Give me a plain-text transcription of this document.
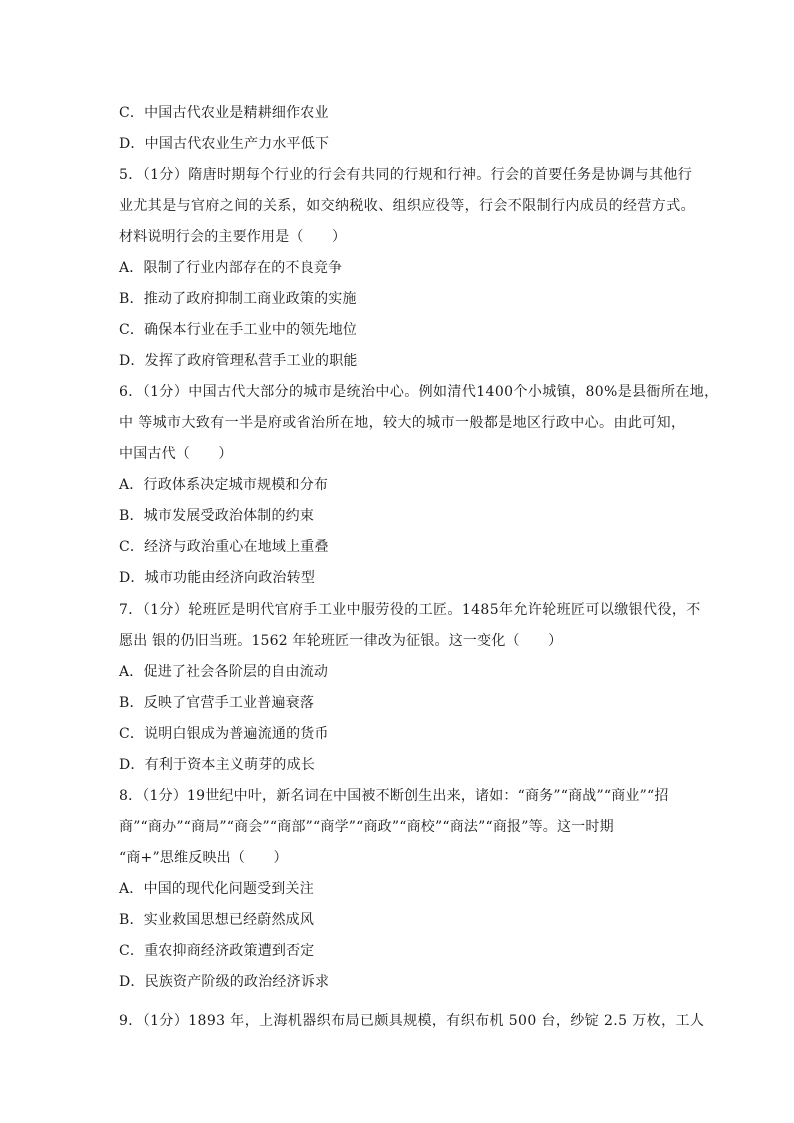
C．中国古代农业是精耕细作农业
D．中国古代农业生产力水平低下
5．（1分）隋唐时期每个行业的行会有共同的行规和行神。行会的首要任务是协调与其他行
业尤其是与官府之间的关系，如交纳税收、组织应役等，行会不限制行内成员的经营方式。
材料说明行会的主要作用是（　　）
A．限制了行业内部存在的不良竞争
B．推动了政府抑制工商业政策的实施
C．确保本行业在手工业中的领先地位
D．发挥了政府管理私营手工业的职能
6．（1分）中国古代大部分的城市是统治中心。例如清代1400个小城镇，80%是县衙所在地，
中 等城市大致有一半是府或省治所在地，较大的城市一般都是地区行政中心。由此可知，
中国古代（　　）
A．行政体系决定城市规模和分布
B．城市发展受政治体制的约束
C．经济与政治重心在地域上重叠
D．城市功能由经济向政治转型
7．（1分）轮班匠是明代官府手工业中服劳役的工匠。1485年允许轮班匠可以缴银代役，不
愿出 银的仍旧当班。1562 年轮班匠一律改为征银。这一变化（　　）
A．促进了社会各阶层的自由流动
B．反映了官营手工业普遍衰落
C．说明白银成为普遍流通的货币
D．有利于资本主义萌芽的成长
8．（1分）19世纪中叶，新名词在中国被不断创生出来，诸如：“商务”“商战”“商业”“招
商”“商办”“商局”“商会”“商部”“商学”“商政”“商校”“商法”“商报”等。这一时期
“商+”思维反映出（　　）
A．中国的现代化问题受到关注
B．实业救国思想已经蔚然成风
C．重农抑商经济政策遭到否定
D．民族资产阶级的政治经济诉求
9．（1分）1893 年，上海机器织布局已颇具规模，有织布机 500 台，纱锭 2.5 万枚，工人
